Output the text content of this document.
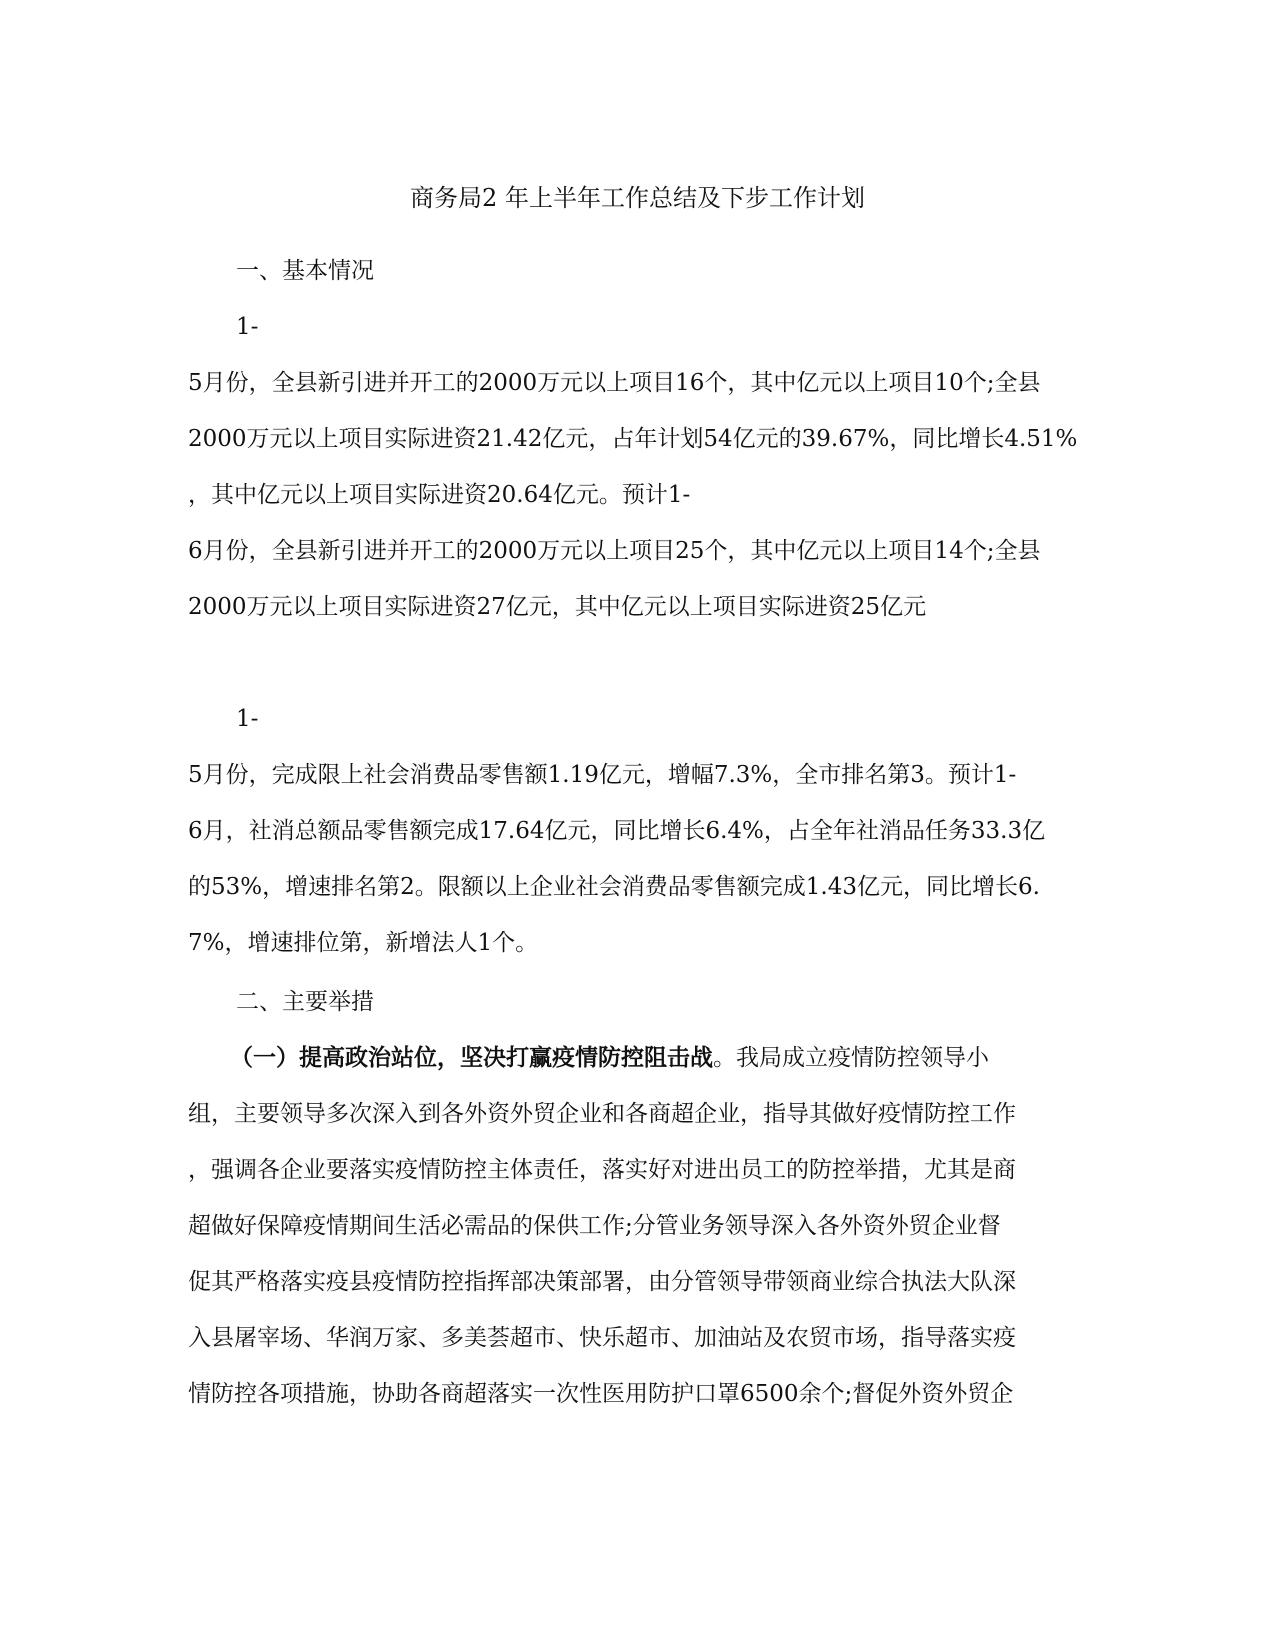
商务局2 年上半年工作总结及下步工作计划
一、基本情况
1-
5月份，全县新引进并开工的2000万元以上项目16个，其中亿元以上项目10个;全县
2000万元以上项目实际进资21.42亿元，占年计划54亿元的39.67%，同比增长4.51%
，其中亿元以上项目实际进资20.64亿元。预计1-
6月份，全县新引进并开工的2000万元以上项目25个，其中亿元以上项目14个;全县
2000万元以上项目实际进资27亿元，其中亿元以上项目实际进资25亿元
1-
5月份，完成限上社会消费品零售额1.19亿元，增幅7.3%，全市排名第3。预计1-
6月，社消总额品零售额完成17.64亿元，同比增长6.4%，占全年社消品任务33.3亿
的53%，增速排名第2。限额以上企业社会消费品零售额完成1.43亿元，同比增长6.
7%，增速排位第，新增法人1个。
二、主要举措
（一）提高政治站位，坚决打赢疫情防控阻击战。我局成立疫情防控领导小
组，主要领导多次深入到各外资外贸企业和各商超企业，指导其做好疫情防控工作
，强调各企业要落实疫情防控主体责任，落实好对进出员工的防控举措，尤其是商
超做好保障疫情期间生活必需品的保供工作;分管业务领导深入各外资外贸企业督
促其严格落实疫县疫情防控指挥部决策部署，由分管领导带领商业综合执法大队深
入县屠宰场、华润万家、多美荟超市、快乐超市、加油站及农贸市场，指导落实疫
情防控各项措施，协助各商超落实一次性医用防护口罩6500余个;督促外资外贸企
